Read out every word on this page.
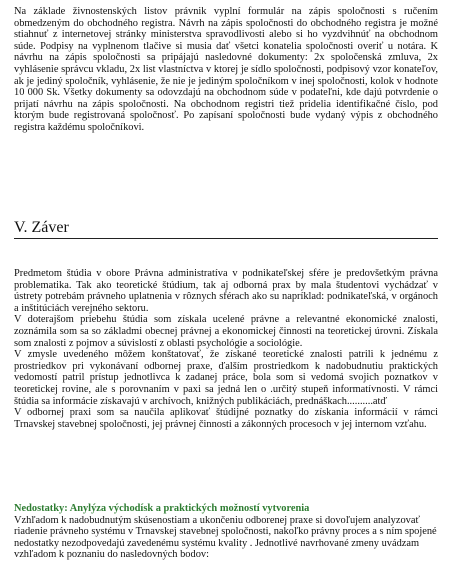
Na základe živnostenských listov právnik vyplní formulár na zápis spoločnosti s ručením obmedzeným do obchodného registra. Návrh na zápis spoločnosti do obchodného registra je možné stiahnuť z internetovej stránky ministerstva spravodlivosti alebo si ho vyzdvihnúť na obchodnom súde. Podpisy na vyplnenom tlačive si musia dať všetci konatelia spoločnosti overiť u notára. K návrhu na zápis spoločnosti sa pripájajú nasledovné dokumenty: 2x spoločenská zmluva, 2x vyhlásenie správcu vkladu, 2x list vlastníctva v ktorej je sídlo spoločnosti, podpisový vzor konateľov, ak je jediný spoločník, vyhlásenie, že nie je jediným spoločníkom v inej spoločnosti, kolok v hodnote 10 000 Sk. Všetky dokumenty sa odovzdajú na obchodnom súde v podateľni, kde dajú potvrdenie o prijatí návrhu na zápis spoločnosti. Na obchodnom registri tiež pridelia identifikačné číslo, pod ktorým bude registrovaná spoločnosť. Po zapísaní spoločnosti bude vydaný výpis z obchodného registra každému spoločníkovi.

V. Záver

Predmetom štúdia v obore Právna administratíva v podnikateľskej sfére je predovšetkým právna problematika. Tak ako teoretické štúdium, tak aj odborná prax by mala študentovi vychádzať v ústrety potrebám právneho uplatnenia v rôznych sférach ako su napríklad: podnikateľská, v orgánoch a inštitúciách verejného sektoru.

V doterajšom priebehu štúdia som získala ucelené právne a relevantné ekonomické znalosti, zoznámila som sa so základmi obecnej právnej a ekonomickej činnosti na teoretickej úrovni. Získala som znalosti z pojmov a súvislostí z oblasti psychológie a sociológie.

V zmysle uvedeného môžem konštatovať, že získané teoretické znalosti patrili k jednému z prostriedkov pri vykonávaní odbornej praxe, ďalším prostriedkom k nadobudnutiu praktických vedomostí patril prístup jednotlivca k zadanej práce, bola som si vedomá svojich poznatkov v teoretickej rovine, ale s porovnaním v paxi sa jedná len o .určitý stupeň informatívnosti. V rámci štúdia sa informácie získavajú v archívoch, knižných publikáciách, prednáškach..........atď

V odbornej praxi som sa naučila aplikovať štúdijné poznatky do získania informácií v rámci Trnavskej stavebnej spoločnosti, jej právnej činnosti a zákonných procesoch v jej internom vzťahu.

Nedostatky: Anylýza východísk a praktických možností vytvorenia

Vzhľadom k nadobudnutým skúsenostiam a ukončeniu odborenej praxe si dovoľujem analyzovať riadenie právneho systému v Trnavskej stavebnej spoločnosti, nakoľko právny proces a s ním spojené nedostatky nezodpovedajú zavedenému systému kvality . Jednotlivé navrhované zmeny uvádzam vzhľadom k poznaniu do nasledovných bodov:
